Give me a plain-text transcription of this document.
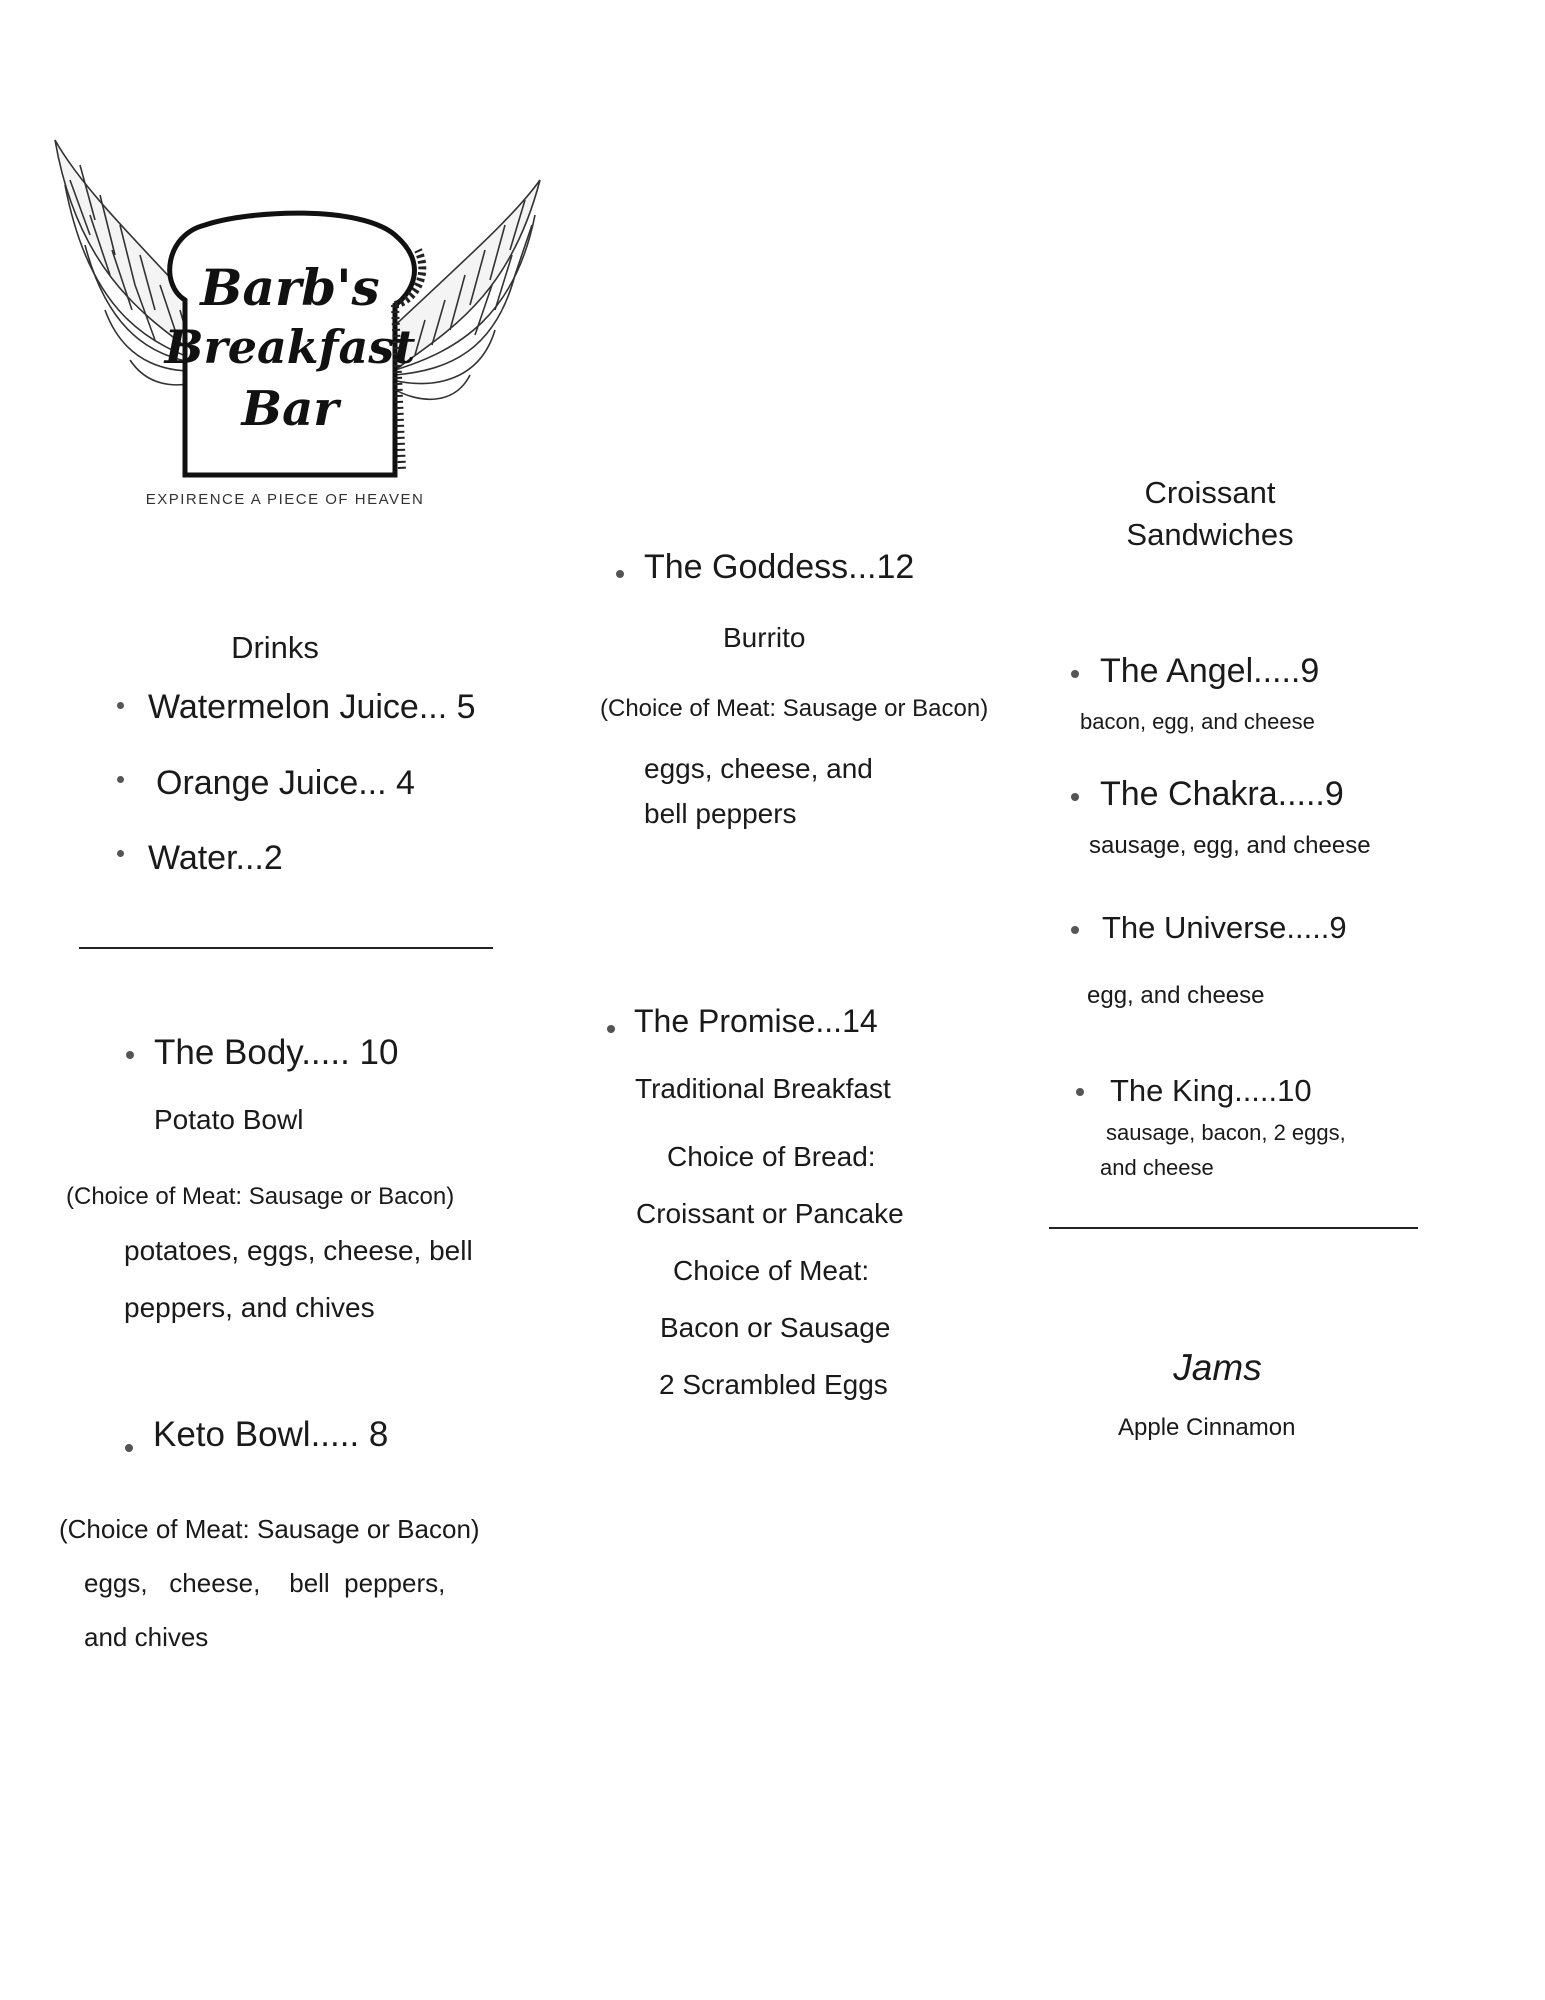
Barb's
Breakfast
Bar
EXPIRENCE A PIECE OF HEAVEN
Drinks
Watermelon Juice... 5
Orange Juice... 4
Water...2
The Body..... 10
Potato Bowl
(Choice of Meat: Sausage or Bacon)
potatoes, eggs, cheese, bell
peppers, and chives
Keto Bowl..... 8
(Choice of Meat: Sausage or Bacon)
eggs,   cheese,    bell  peppers,
and chives
The Goddess...12
Burrito
(Choice of Meat: Sausage or Bacon)
eggs, cheese, and
bell peppers
The Promise...14
Traditional Breakfast
Choice of Bread:
Croissant or Pancake
Choice of Meat:
Bacon or Sausage
2 Scrambled Eggs
Croissant
Sandwiches
The Angel.....9
bacon, egg, and cheese
The Chakra.....9
sausage, egg, and cheese
The Universe.....9
egg, and cheese
The King.....10
sausage, bacon, 2 eggs,
and cheese
Jams
Apple Cinnamon
